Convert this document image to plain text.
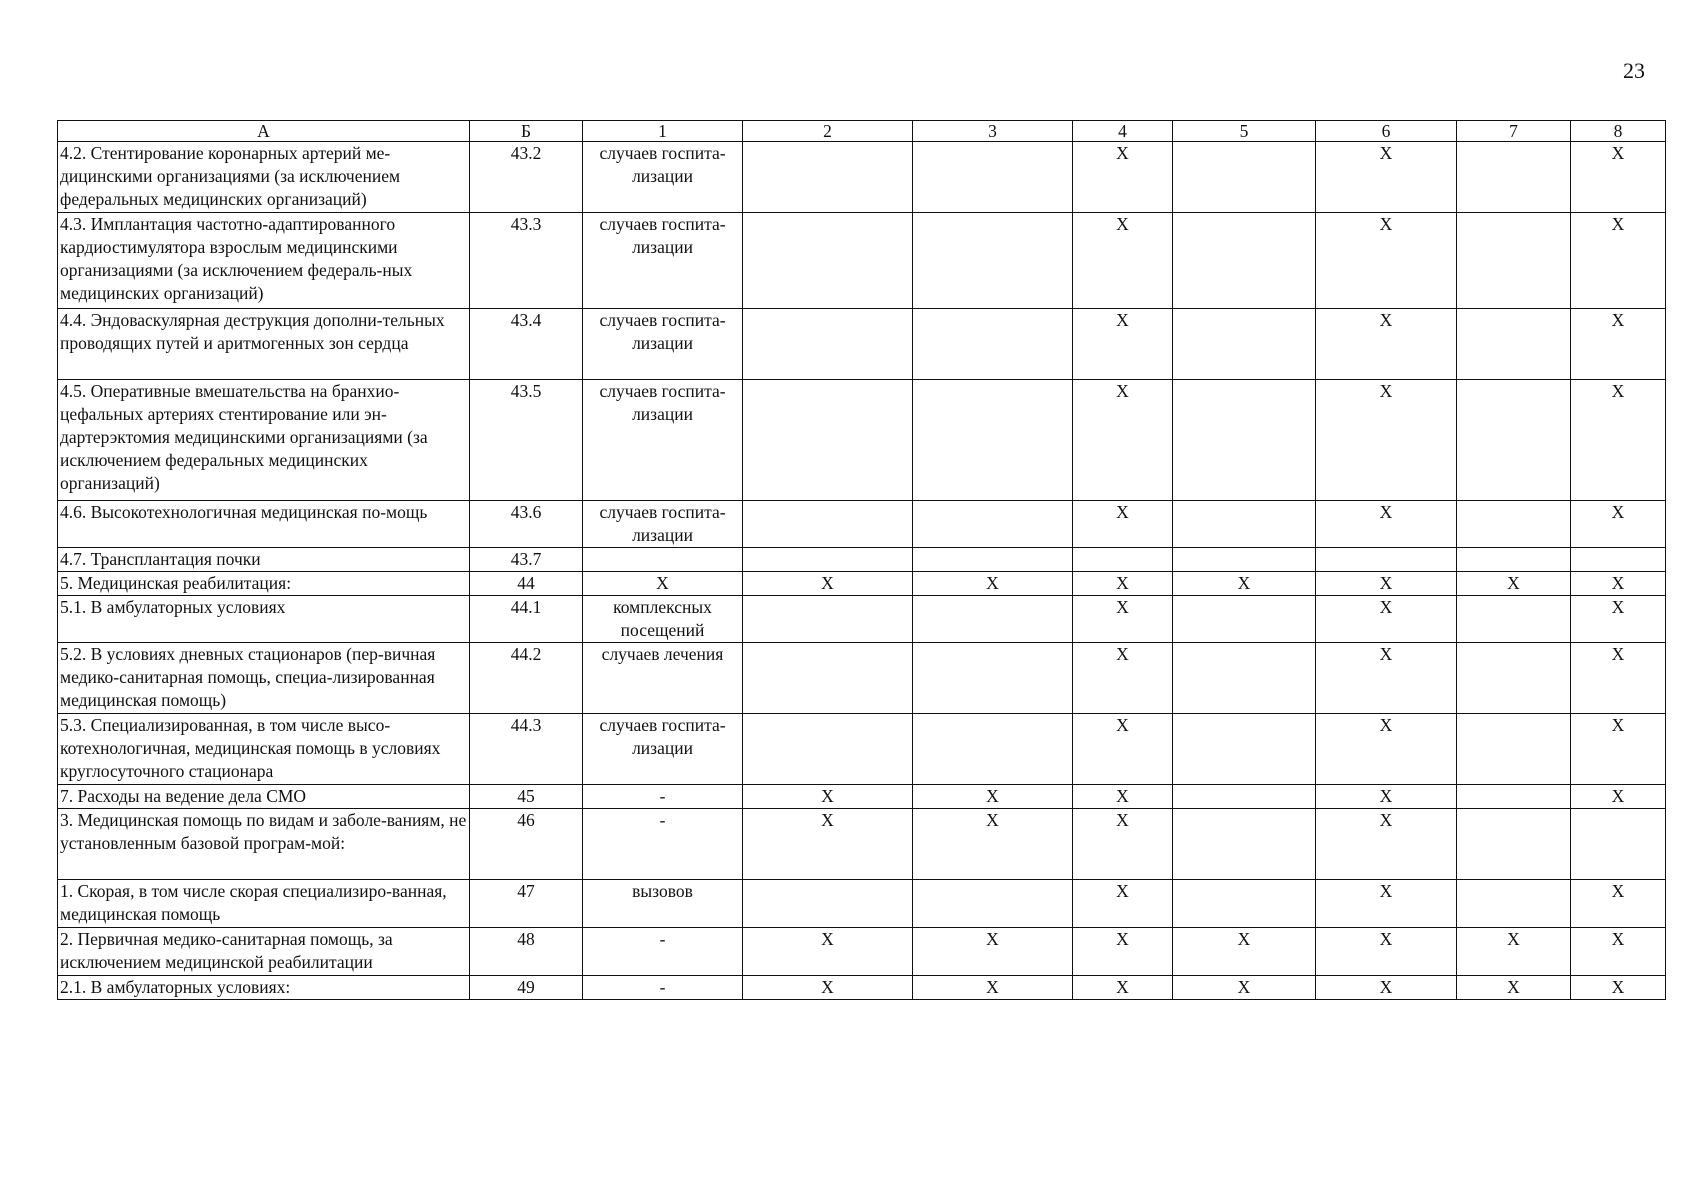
23
А	Б	1	2	3	4	5	6	7	8
4.2. Стентирование коронарных артерий ме-дицинскими организациями (за исключением федеральных медицинских организаций)	43.2	случаев госпита-лизации			X		X		X
4.3. Имплантация частотно-адаптированного кардиостимулятора взрослым медицинскими организациями (за исключением федераль-ных медицинских организаций)	43.3	случаев госпита-лизации			X		X		X
4.4. Эндоваскулярная деструкция дополни-тельных проводящих путей и аритмогенных зон сердца	43.4	случаев госпита-лизации			X		X		X
4.5. Оперативные вмешательства на бранхио-цефальных артериях стентирование или эн-дартерэктомия медицинскими организациями (за исключением федеральных медицинских организаций)	43.5	случаев госпита-лизации			X		X		X
4.6. Высокотехнологичная медицинская по-мощь	43.6	случаев госпита-лизации			X		X		X
4.7. Трансплантация почки	43.7								
5. Медицинская реабилитация:	44	X	X	X	X	X	X	X	X
5.1. В амбулаторных условиях	44.1	комплексных посещений			X		X		X
5.2. В условиях дневных стационаров (пер-вичная медико-санитарная помощь, специа-лизированная медицинская помощь)	44.2	случаев лечения			X		X		X
5.3. Специализированная, в том числе высо-котехнологичная, медицинская помощь в условиях круглосуточного стационара	44.3	случаев госпита-лизации			X		X		X
7. Расходы на ведение дела СМО	45	-	X	X	X		X		X
3. Медицинская помощь по видам и заболе-ваниям, не установленным базовой програм-мой:	46	-	X	X	X		X		
1. Скорая, в том числе скорая специализиро-ванная, медицинская помощь	47	вызовов			X		X		X
2. Первичная медико-санитарная помощь, за исключением медицинской реабилитации	48	-	X	X	X	X	X	X	X
2.1. В амбулаторных условиях:	49	-	X	X	X	X	X	X	X
